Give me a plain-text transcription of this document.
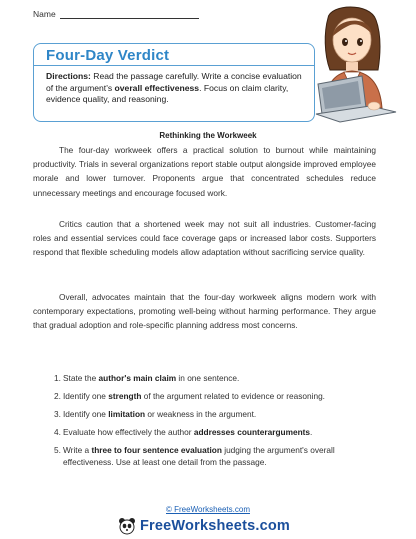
Name
Four-Day Verdict
Directions: Read the passage carefully. Write a concise evaluation of the argument's overall effectiveness. Focus on claim clarity, evidence quality, and reasoning.
Rethinking the Workweek

The four-day workweek offers a practical solution to burnout while maintaining productivity. Trials in several organizations report stable output alongside improved employee morale and lower turnover. Proponents argue that concentrated schedules reduce unnecessary meetings and encourage focused work.

Critics caution that a shortened week may not suit all industries. Customer-facing roles and essential services could face coverage gaps or increased labor costs. Supporters respond that flexible scheduling models allow adaptation without sacrificing service quality.

Overall, advocates maintain that the four-day workweek aligns modern work with contemporary expectations, promoting well-being without harming performance. They argue that gradual adoption and role-specific planning address most concerns.

1. State the author's main claim in one sentence.
2. Identify one strength of the argument related to evidence or reasoning.
3. Identify one limitation or weakness in the argument.
4. Evaluate how effectively the author addresses counterarguments.
5. Write a three to four sentence evaluation judging the argument's overall effectiveness. Use at least one detail from the passage.
© FreeWorksheets.com
FreeWorksheets.com
